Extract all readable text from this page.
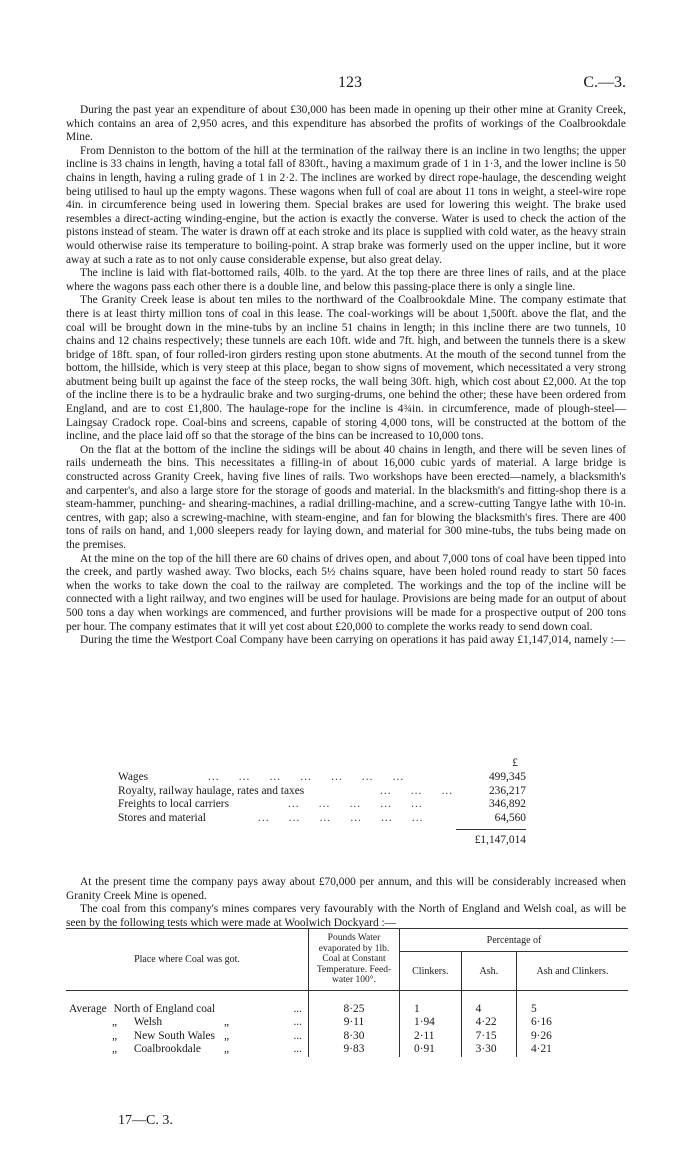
123	C.—3.

During the past year an expenditure of about £30,000 has been made in opening up their other mine at Granity Creek, which contains an area of 2,950 acres, and this expenditure has absorbed the profits of workings of the Coalbrookdale Mine.

From Denniston to the bottom of the hill at the termination of the railway there is an incline in two lengths; the upper incline is 33 chains in length, having a total fall of 830ft., having a maximum grade of 1 in 1·3, and the lower incline is 50 chains in length, having a ruling grade of 1 in 2·2. The inclines are worked by direct rope-haulage, the descending weight being utilised to haul up the empty wagons. These wagons when full of coal are about 11 tons in weight, a steel-wire rope 4in. in circumference being used in lowering them. Special brakes are used for lowering this weight. The brake used resembles a direct-acting winding-engine, but the action is exactly the converse. Water is used to check the action of the pistons instead of steam. The water is drawn off at each stroke and its place is supplied with cold water, as the heavy strain would otherwise raise its temperature to boiling-point. A strap brake was formerly used on the upper incline, but it wore away at such a rate as to not only cause considerable expense, but also great delay.

The incline is laid with flat-bottomed rails, 40lb. to the yard. At the top there are three lines of rails, and at the place where the wagons pass each other there is a double line, and below this passing-place there is only a single line.

The Granity Creek lease is about ten miles to the northward of the Coalbrookdale Mine. The company estimate that there is at least thirty million tons of coal in this lease. The coal-workings will be about 1,500ft. above the flat, and the coal will be brought down in the mine-tubs by an incline 51 chains in length; in this incline there are two tunnels, 10 chains and 12 chains respectively; these tunnels are each 10ft. wide and 7ft. high, and between the tunnels there is a skew bridge of 18ft. span, of four rolled-iron girders resting upon stone abutments. At the mouth of the second tunnel from the bottom, the hillside, which is very steep at this place, began to show signs of movement, which necessitated a very strong abutment being built up against the face of the steep rocks, the wall being 30ft. high, which cost about £2,000. At the top of the incline there is to be a hydraulic brake and two surging-drums, one behind the other; these have been ordered from England, and are to cost £1,800. The haulage-rope for the incline is 4¾in. in circumference, made of plough-steel—Laingsay Cradock rope. Coal-bins and screens, capable of storing 4,000 tons, will be constructed at the bottom of the incline, and the place laid off so that the storage of the bins can be increased to 10,000 tons.

On the flat at the bottom of the incline the sidings will be about 40 chains in length, and there will be seven lines of rails underneath the bins. This necessitates a filling-in of about 16,000 cubic yards of material. A large bridge is constructed across Granity Creek, having five lines of rails. Two workshops have been erected—namely, a blacksmith's and carpenter's, and also a large store for the storage of goods and material. In the blacksmith's and fitting-shop there is a steam-hammer, punching- and shearing-machines, a radial drilling-machine, and a screw-cutting Tangye lathe with 10-in. centres, with gap; also a screwing-machine, with steam-engine, and fan for blowing the blacksmith's fires. There are 400 tons of rails on hand, and 1,000 sleepers ready for laying down, and material for 300 mine-tubs, the tubs being made on the premises.

At the mine on the top of the hill there are 60 chains of drives open, and about 7,000 tons of coal have been tipped into the creek, and partly washed away. Two blocks, each 5½ chains square, have been holed round ready to start 50 faces when the works to take down the coal to the railway are completed. The workings and the top of the incline will be connected with a light railway, and two engines will be used for haulage. Provisions are being made for an output of about 500 tons a day when workings are commenced, and further provisions will be made for a prospective output of 200 tons per hour. The company estimates that it will yet cost about £20,000 to complete the works ready to send down coal.

During the time the Westport Coal Company have been carrying on operations it has paid away £1,147,014, namely :—

£
Wages	...     ...     ...     ...     ...     ...     ...	499,345
Royalty, railway haulage, rates and taxes	...     ...     ...	236,217
Freights to local carriers	...     ...     ...     ...     ...	346,892
Stores and material	...     ...     ...     ...     ...     ...	64,560
£1,147,014

At the present time the company pays away about £70,000 per annum, and this will be considerably increased when Granity Creek Mine is opened.

The coal from this company's mines compares very favourably with the North of England and Welsh coal, as will be seen by the following tests which were made at Woolwich Dockyard :—

Place where Coal was got.	Pounds Water evaporated by 1lb. Coal at Constant Temperature. Feed-water 100°.	Percentage of		
		Clinkers.	Ash.	Ash and Clinkers.

Average North of England coal ...	8·25	1	4	5
„ Welsh „ ...	9·11	1·94	4·22	6·16
„ New South Wales „ ...	8·30	2·11	7·15	9·26
„ Coalbrookdale „ ...	9·83	0·91	3·30	4·21
17—C. 3.
